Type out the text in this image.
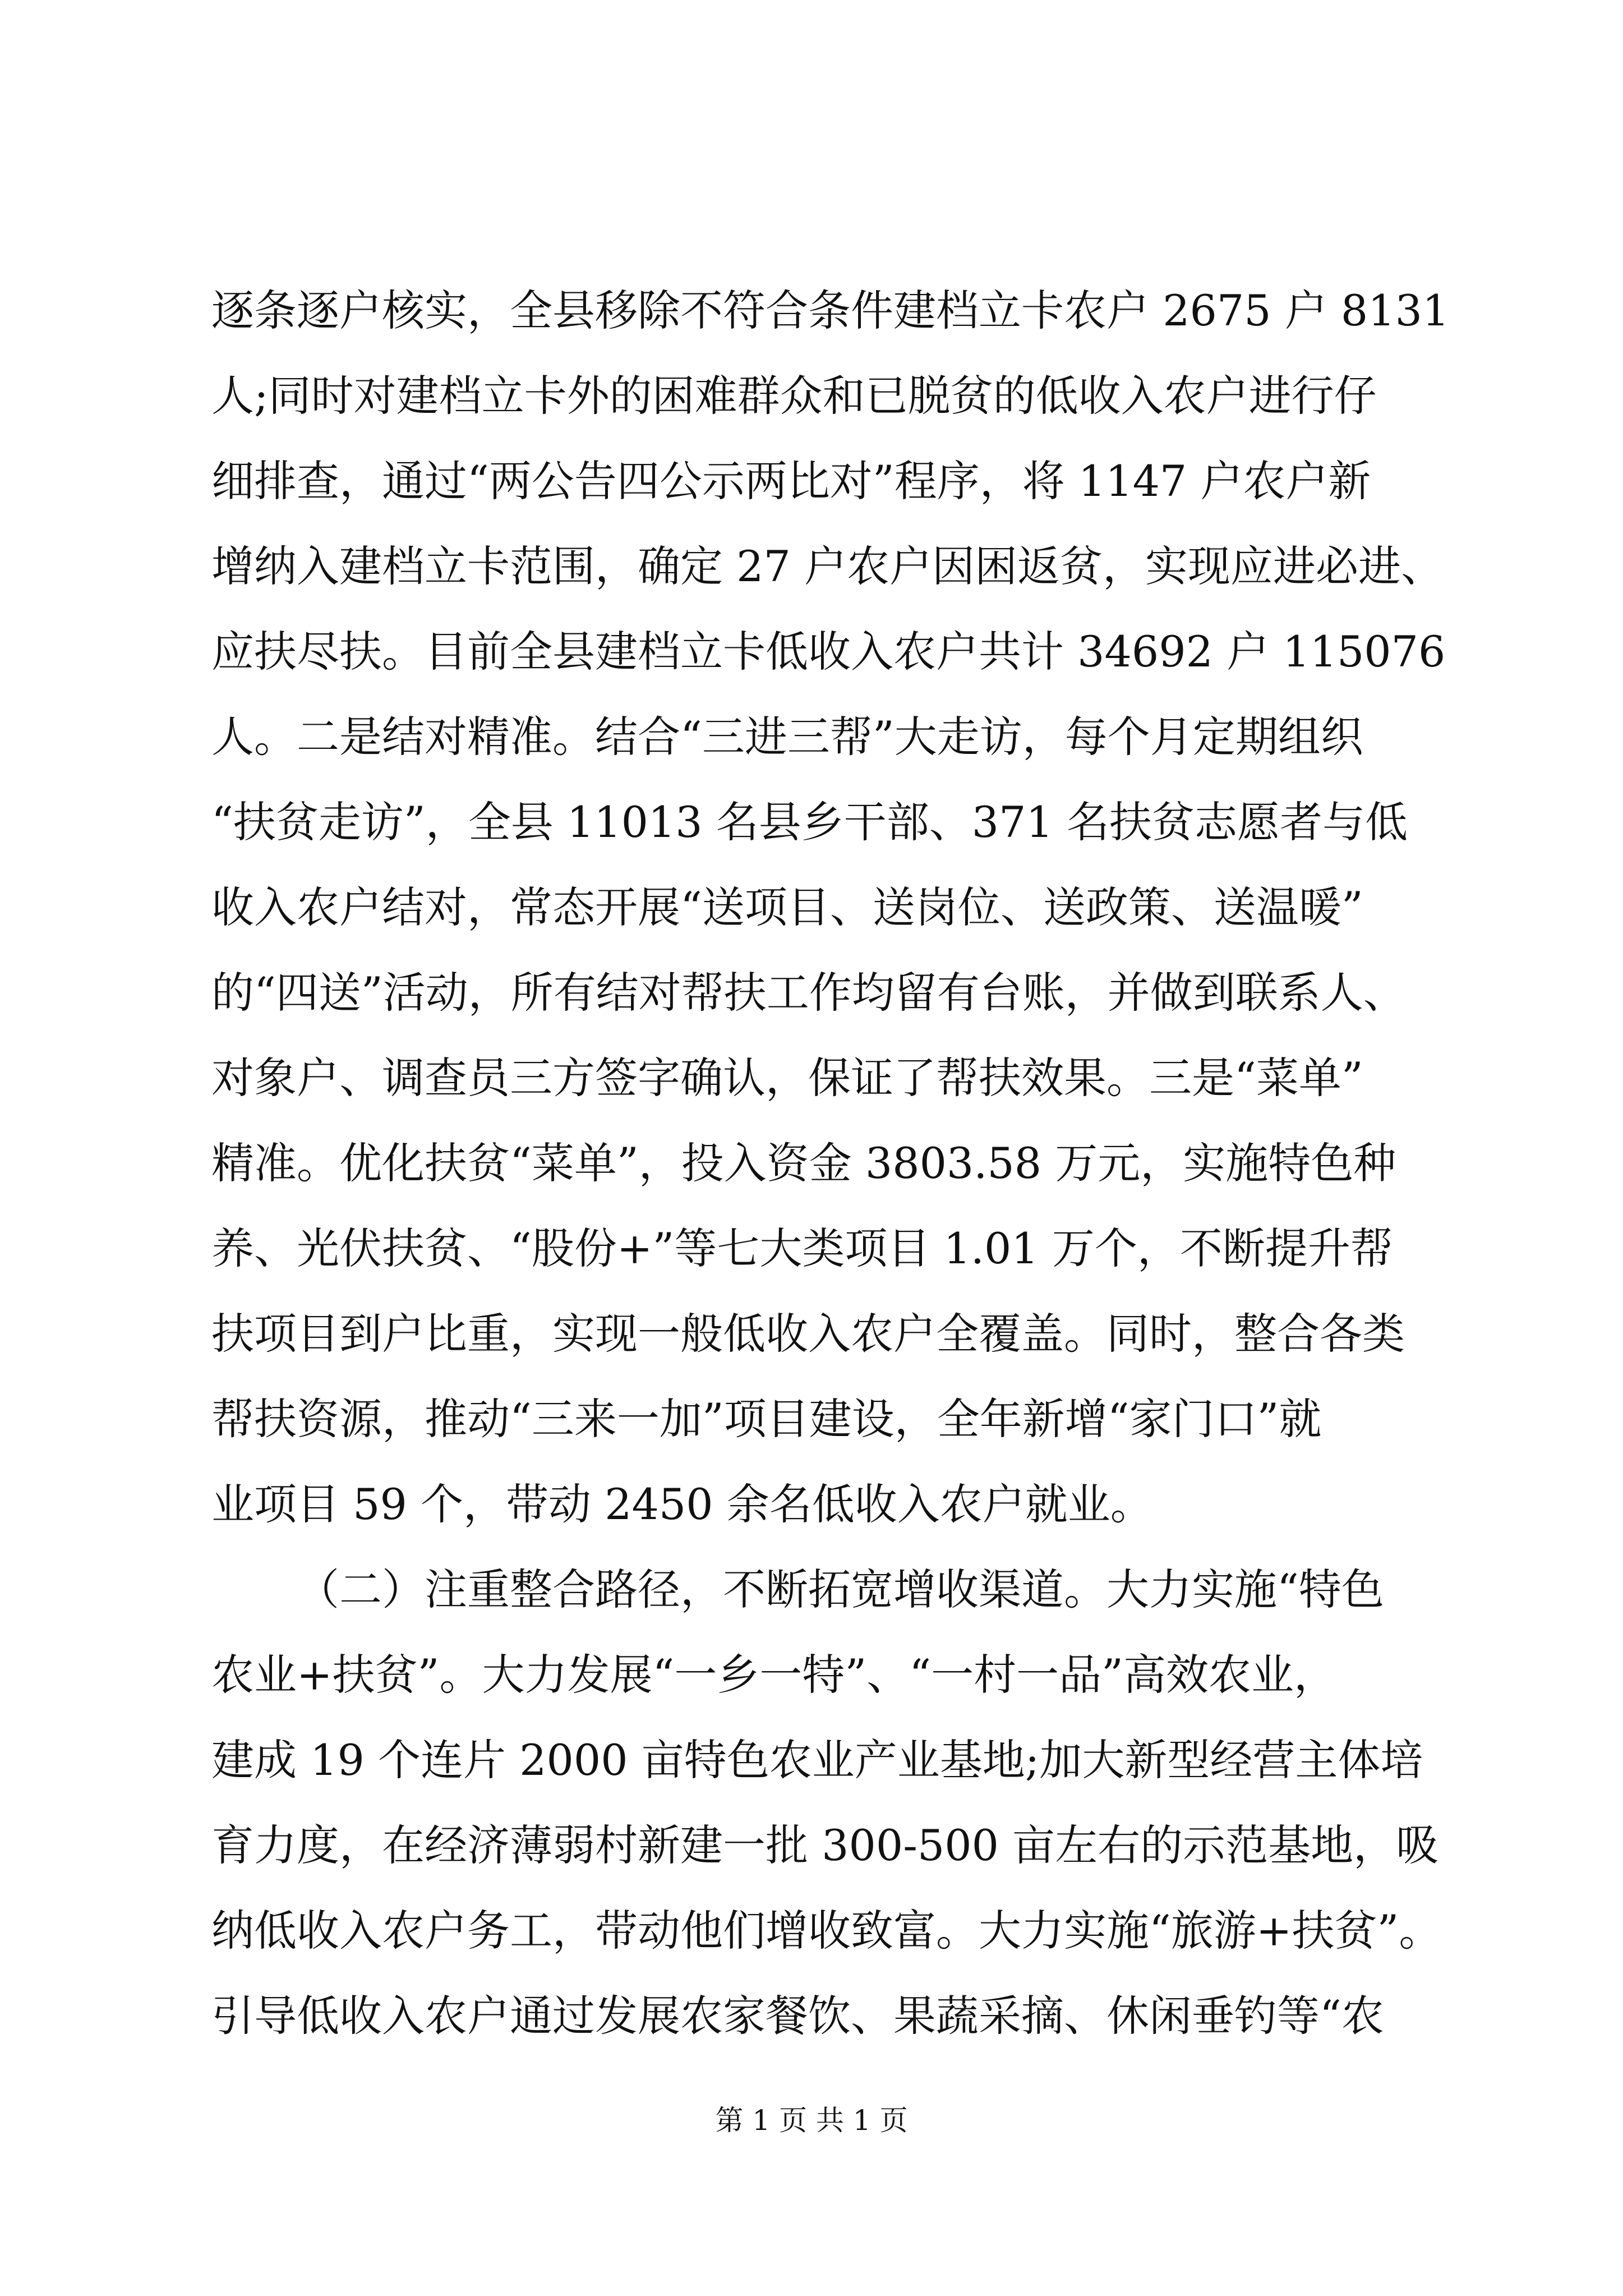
逐条逐户核实，全县移除不符合条件建档立卡农户 2675 户 8131
人;同时对建档立卡外的困难群众和已脱贫的低收入农户进行仔
细排查，通过“两公告四公示两比对”程序，将 1147 户农户新
增纳入建档立卡范围，确定 27 户农户因困返贫，实现应进必进、
应扶尽扶。目前全县建档立卡低收入农户共计 34692 户 115076
人。二是结对精准。结合“三进三帮”大走访，每个月定期组织
“扶贫走访”，全县 11013 名县乡干部、371 名扶贫志愿者与低
收入农户结对，常态开展“送项目、送岗位、送政策、送温暖”
的“四送”活动，所有结对帮扶工作均留有台账，并做到联系人、
对象户、调查员三方签字确认，保证了帮扶效果。三是“菜单”
精准。优化扶贫“菜单”，投入资金 3803.58 万元，实施特色种
养、光伏扶贫、“股份+”等七大类项目 1.01 万个，不断提升帮
扶项目到户比重，实现一般低收入农户全覆盖。同时，整合各类
帮扶资源，推动“三来一加”项目建设，全年新增“家门口”就
业项目 59 个，带动 2450 余名低收入农户就业。
（二）注重整合路径，不断拓宽增收渠道。大力实施“特色
农业+扶贫”。大力发展“一乡一特”、“一村一品”高效农业，
建成 19 个连片 2000 亩特色农业产业基地;加大新型经营主体培
育力度，在经济薄弱村新建一批 300-500 亩左右的示范基地，吸
纳低收入农户务工，带动他们增收致富。大力实施“旅游+扶贫”。
引导低收入农户通过发展农家餐饮、果蔬采摘、休闲垂钓等“农
第 1 页 共 1 页
